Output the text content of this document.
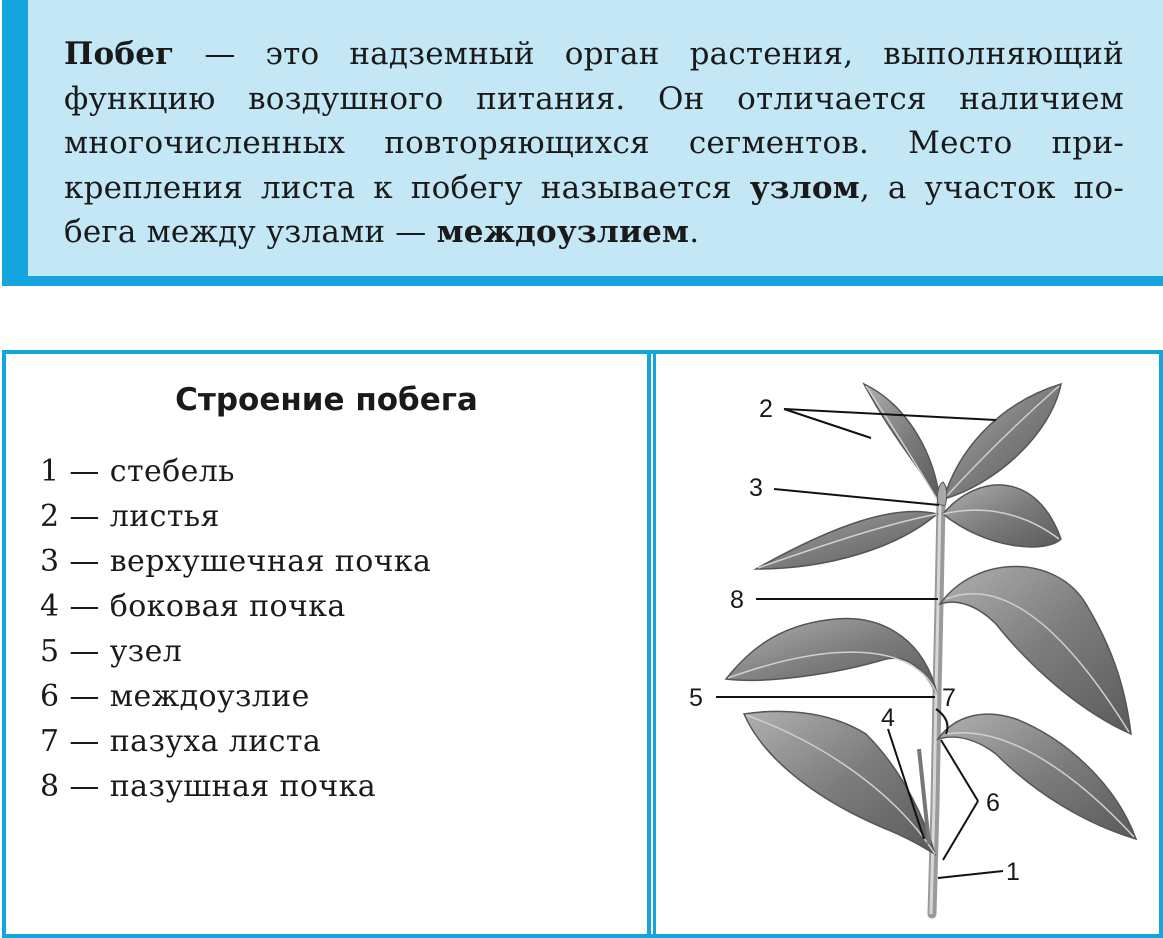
Побег — это надземный орган растения, выполняющий
функцию воздушного питания. Он отличается наличием
многочисленных повторяющихся сегментов. Место при-
крепления листа к побегу называется узлом, а участок по-
бега между узлами — междоузлием.
Строение побега
1 — стебель
2 — листья
3 — верхушечная почка
4 — боковая почка
5 — узел
6 — междоузлие
7 — пазуха листа
8 — пазушная почка
2
3
8
5	7
4
6
1
